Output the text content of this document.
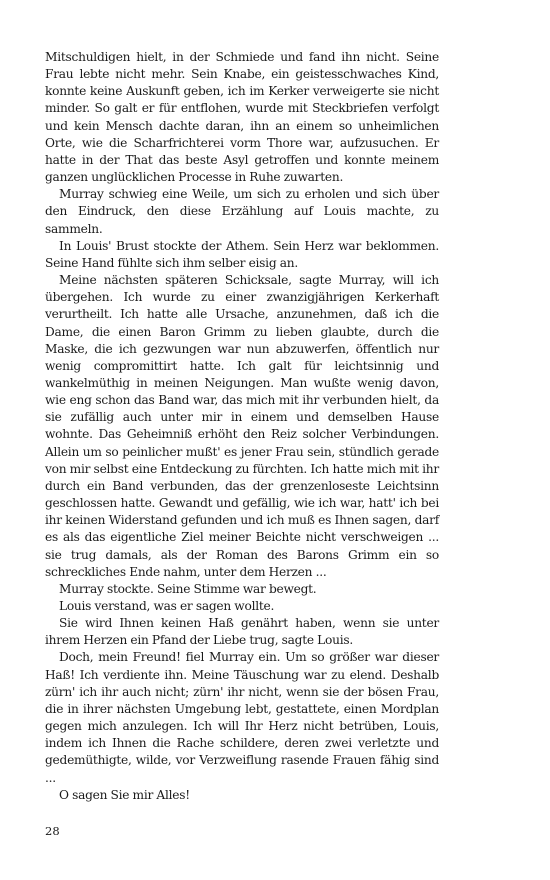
Mitschuldigen hielt, in der Schmiede und fand ihn nicht. Seine Frau lebte nicht mehr. Sein Knabe, ein geistesschwaches Kind, konnte keine Auskunft geben, ich im Kerker verweigerte sie nicht minder. So galt er für entflohen, wurde mit Steckbriefen verfolgt und kein Mensch dachte daran, ihn an einem so unheimlichen Orte, wie die Scharfrichterei vorm Thore war, aufzusuchen. Er hatte in der That das beste Asyl getroffen und konnte meinem ganzen unglücklichen Processe in Ruhe zuwarten.

Murray schwieg eine Weile, um sich zu erholen und sich über den Eindruck, den diese Erzählung auf Louis machte, zu sammeln.

In Louis' Brust stockte der Athem. Sein Herz war beklommen. Seine Hand fühlte sich ihm selber eisig an.

Meine nächsten späteren Schicksale, sagte Murray, will ich übergehen. Ich wurde zu einer zwanzigjährigen Kerkerhaft verurtheilt. Ich hatte alle Ursache, anzunehmen, daß ich die Dame, die einen Baron Grimm zu lieben glaubte, durch die Maske, die ich gezwungen war nun abzuwerfen, öffentlich nur wenig compromittirt hatte. Ich galt für leichtsinnig und wankelmüthig in meinen Neigungen. Man wußte wenig davon, wie eng schon das Band war, das mich mit ihr verbunden hielt, da sie zufällig auch unter mir in einem und demselben Hause wohnte. Das Geheimniß erhöht den Reiz solcher Verbindungen. Allein um so peinlicher mußt' es jener Frau sein, stündlich gerade von mir selbst eine Entdeckung zu fürchten. Ich hatte mich mit ihr durch ein Band verbunden, das der grenzenloseste Leichtsinn geschlossen hatte. Gewandt und gefällig, wie ich war, hatt' ich bei ihr keinen Widerstand gefunden und ich muß es Ihnen sagen, darf es als das eigentliche Ziel meiner Beichte nicht verschweigen ... sie trug damals, als der Roman des Barons Grimm ein so schreckliches Ende nahm, unter dem Herzen ...

Murray stockte. Seine Stimme war bewegt.

Louis verstand, was er sagen wollte.

Sie wird Ihnen keinen Haß genährt haben, wenn sie unter ihrem Herzen ein Pfand der Liebe trug, sagte Louis.

Doch, mein Freund! fiel Murray ein. Um so größer war dieser Haß! Ich verdiente ihn. Meine Täuschung war zu elend. Deshalb zürn' ich ihr auch nicht; zürn' ihr nicht, wenn sie der bösen Frau, die in ihrer nächsten Umgebung lebt, gestattete, einen Mordplan gegen mich anzulegen. Ich will Ihr Herz nicht betrüben, Louis, indem ich Ihnen die Rache schildere, deren zwei verletzte und gedemüthigte, wilde, vor Verzweiflung rasende Frauen fähig sind ...

O sagen Sie mir Alles!

28
